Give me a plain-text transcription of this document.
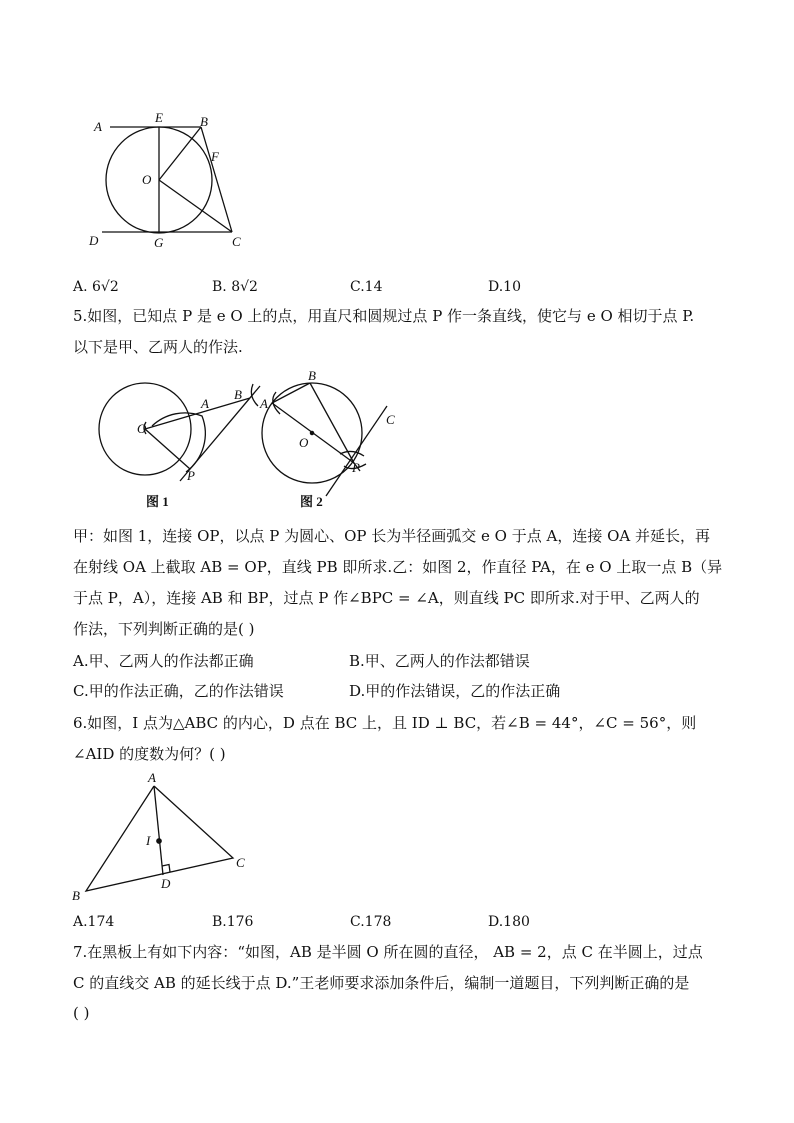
A
E	B
F
O
D	G	C
A. 6√2	B. 8√2	C.14	D.10
5.如图，已知点 P 是 e O 上的点，用直尺和圆规过点 P 作一条直线，使它与 e O 相切于点 P.
以下是甲、乙两人的作法.
O
A
B
P
图 1
B
A
C
O
P
图 2
甲：如图 1，连接 OP，以点 P 为圆心、OP 长为半径画弧交 e O 于点 A，连接 OA 并延长，再
在射线 OA 上截取 AB = OP，直线 PB 即所求.乙：如图 2，作直径 PA，在 e O 上取一点 B（异
于点 P，A），连接 AB 和 BP，过点 P 作∠BPC = ∠A，则直线 PC 即所求.对于甲、乙两人的
作法，下列判断正确的是( )
A.甲、乙两人的作法都正确	B.甲、乙两人的作法都错误
C.甲的作法正确，乙的作法错误	D.甲的作法错误，乙的作法正确
6.如图，I 点为△ABC 的内心，D 点在 BC 上，且 ID ⊥ BC，若∠B = 44°，∠C = 56°，则
∠AID 的度数为何？( )
A
I
B
D
C
A.174	B.176	C.178	D.180
7.在黑板上有如下内容：“如图，AB 是半圆 O 所在圆的直径， AB = 2，点 C 在半圆上，过点
C 的直线交 AB 的延长线于点 D.”王老师要求添加条件后，编制一道题目，下列判断正确的是
( )
